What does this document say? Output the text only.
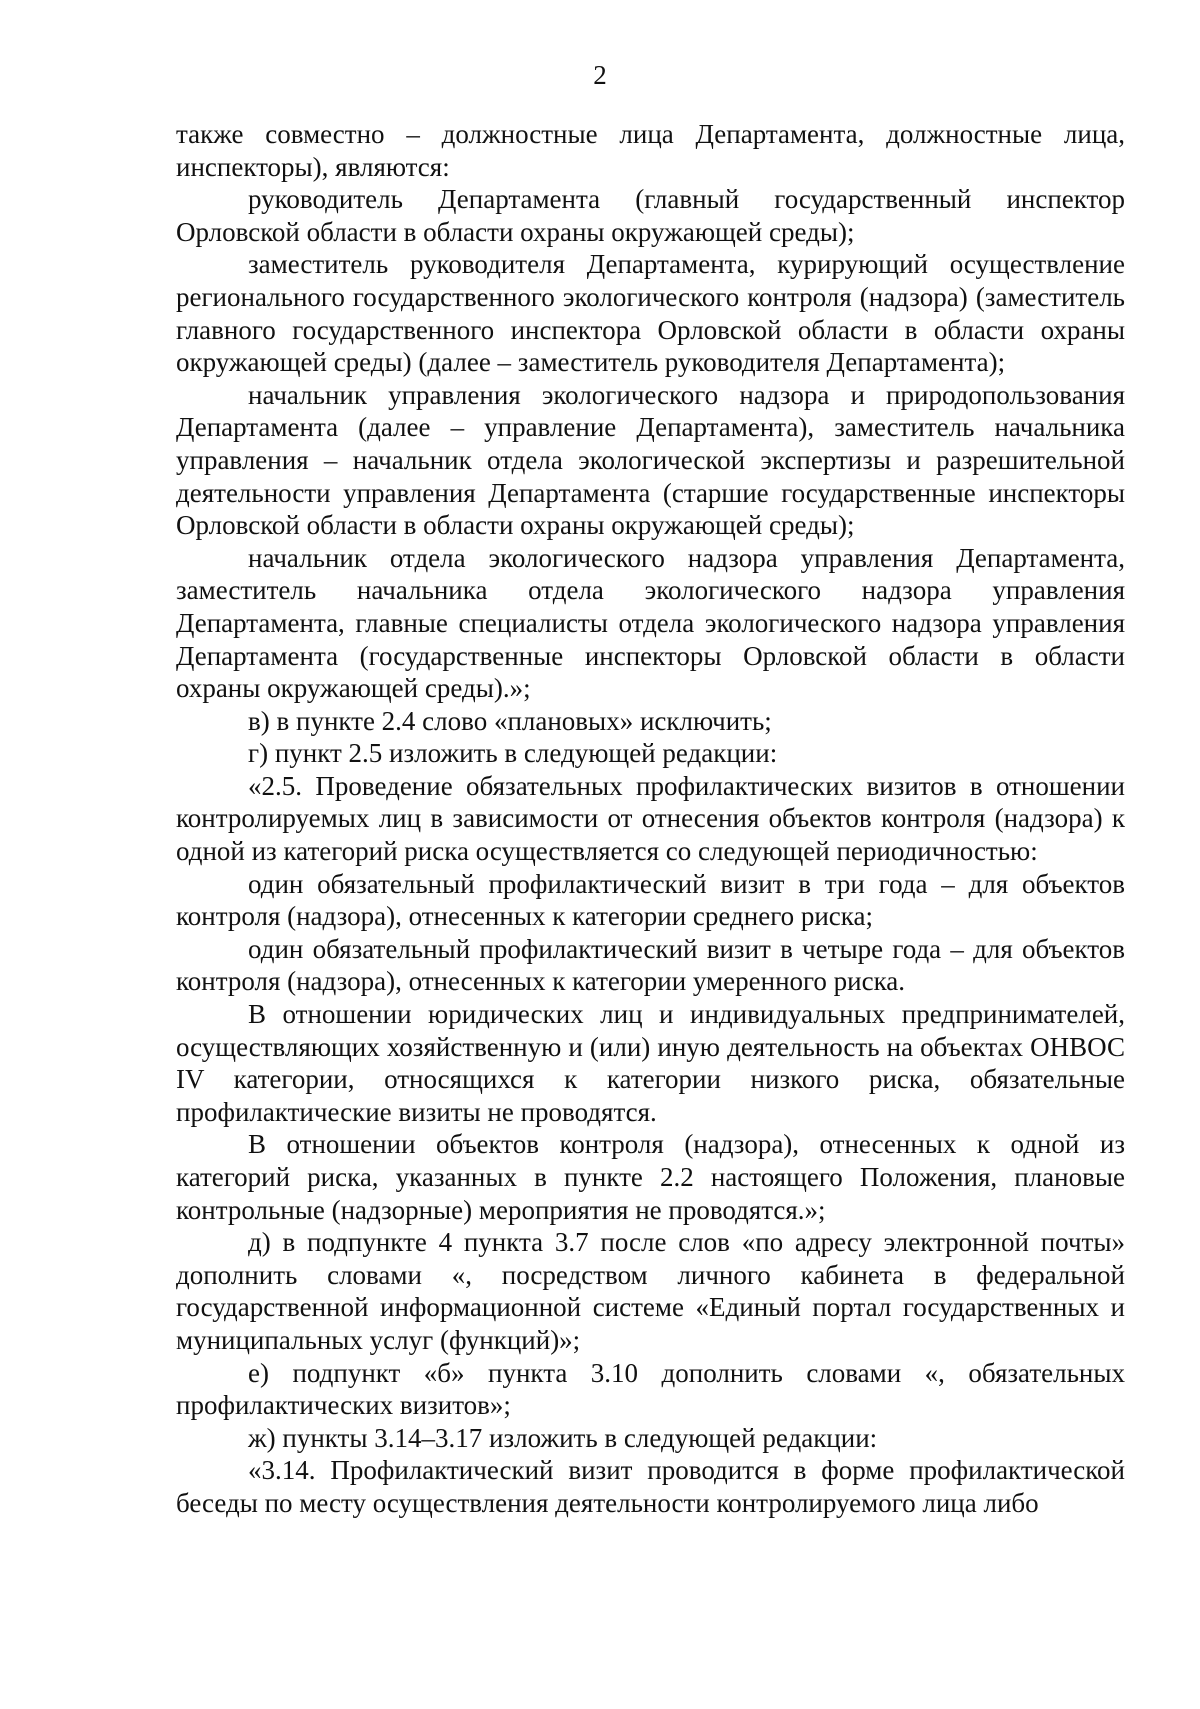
2

также совместно – должностные лица Департамента, должностные лица, инспекторы), являются:

руководитель Департамента (главный государственный инспектор Орловской области в области охраны окружающей среды);

заместитель руководителя Департамента, курирующий осуществление регионального государственного экологического контроля (надзора) (заместитель главного государственного инспектора Орловской области в области охраны окружающей среды) (далее – заместитель руководителя Департамента);

начальник управления экологического надзора и природопользования Департамента (далее – управление Департамента), заместитель начальника управления – начальник отдела экологической экспертизы и разрешительной деятельности управления Департамента (старшие государственные инспекторы Орловской области в области охраны окружающей среды);

начальник отдела экологического надзора управления Департамента, заместитель начальника отдела экологического надзора управления Департамента, главные специалисты отдела экологического надзора управления Департамента (государственные инспекторы Орловской области в области охраны окружающей среды).»;

в) в пункте 2.4 слово «плановых» исключить;

г) пункт 2.5 изложить в следующей редакции:

«2.5. Проведение обязательных профилактических визитов в отношении контролируемых лиц в зависимости от отнесения объектов контроля (надзора) к одной из категорий риска осуществляется со следующей периодичностью:

один обязательный профилактический визит в три года – для объектов контроля (надзора), отнесенных к категории среднего риска;

один обязательный профилактический визит в четыре года – для объектов контроля (надзора), отнесенных к категории умеренного риска.

В отношении юридических лиц и индивидуальных предпринимателей, осуществляющих хозяйственную и (или) иную деятельность на объектах ОНВОС IV категории, относящихся к категории низкого риска, обязательные профилактические визиты не проводятся.

В отношении объектов контроля (надзора), отнесенных к одной из категорий риска, указанных в пункте 2.2 настоящего Положения, плановые контрольные (надзорные) мероприятия не проводятся.»;

д) в подпункте 4 пункта 3.7 после слов «по адресу электронной почты» дополнить словами «, посредством личного кабинета в федеральной государственной информационной системе «Единый портал государственных и муниципальных услуг (функций)»;

е) подпункт «б» пункта 3.10 дополнить словами «, обязательных профилактических визитов»;

ж) пункты 3.14–3.17 изложить в следующей редакции:

«3.14. Профилактический визит проводится в форме профилактической беседы по месту осуществления деятельности контролируемого лица либо
